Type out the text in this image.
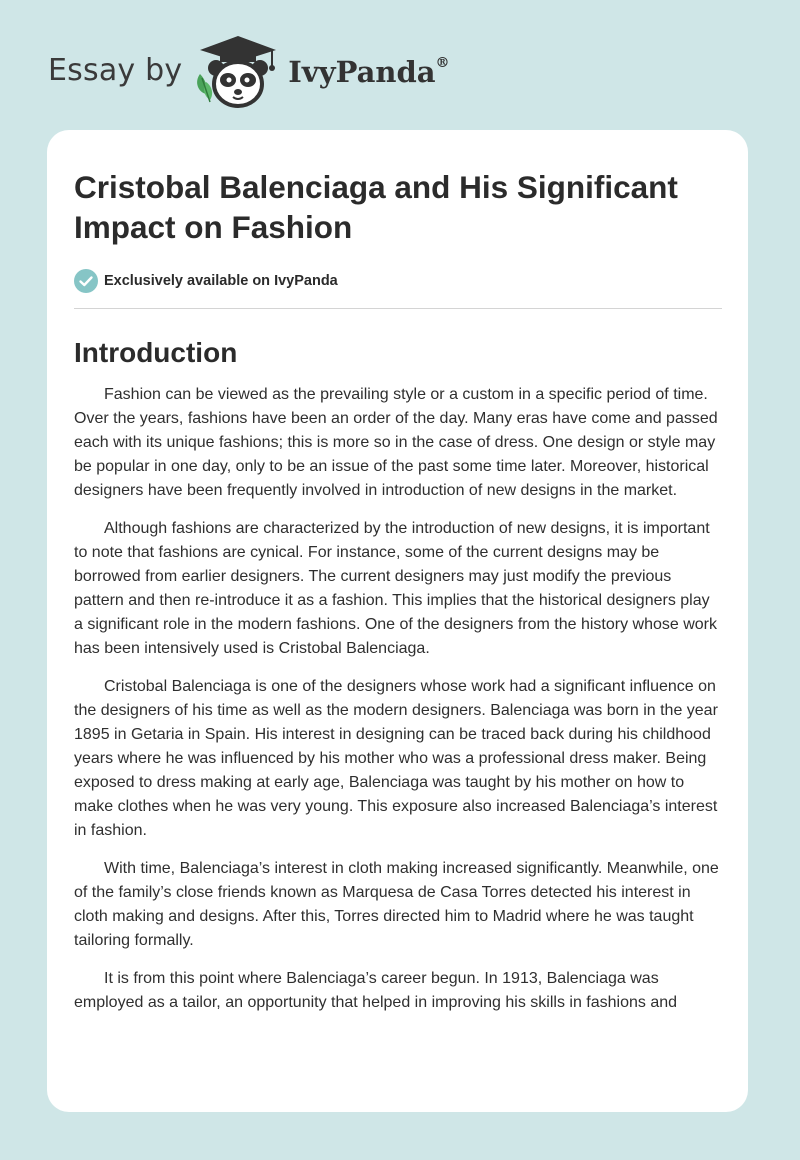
Essay by	IvyPanda®
Cristobal Balenciaga and His Significant Impact on Fashion
Exclusively available on IvyPanda
Introduction

Fashion can be viewed as the prevailing style or a custom in a specific period of time. Over the years, fashions have been an order of the day. Many eras have come and passed each with its unique fashions; this is more so in the case of dress. One design or style may be popular in one day, only to be an issue of the past some time later. Moreover, historical designers have been frequently involved in introduction of new designs in the market.

Although fashions are characterized by the introduction of new designs, it is important to note that fashions are cynical. For instance, some of the current designs may be borrowed from earlier designers. The current designers may just modify the previous pattern and then re-introduce it as a fashion. This implies that the historical designers play a significant role in the modern fashions. One of the designers from the history whose work has been intensively used is Cristobal Balenciaga.

Cristobal Balenciaga is one of the designers whose work had a significant influence on the designers of his time as well as the modern designers. Balenciaga was born in the year 1895 in Getaria in Spain. His interest in designing can be traced back during his childhood years where he was influenced by his mother who was a professional dress maker. Being exposed to dress making at early age, Balenciaga was taught by his mother on how to make clothes when he was very young. This exposure also increased Balenciaga’s interest in fashion.

With time, Balenciaga’s interest in cloth making increased significantly. Meanwhile, one of the family’s close friends known as Marquesa de Casa Torres detected his interest in cloth making and designs. After this, Torres directed him to Madrid where he was taught tailoring formally.

It is from this point where Balenciaga’s career begun. In 1913, Balenciaga was employed as a tailor, an opportunity that helped in improving his skills in fashions and
